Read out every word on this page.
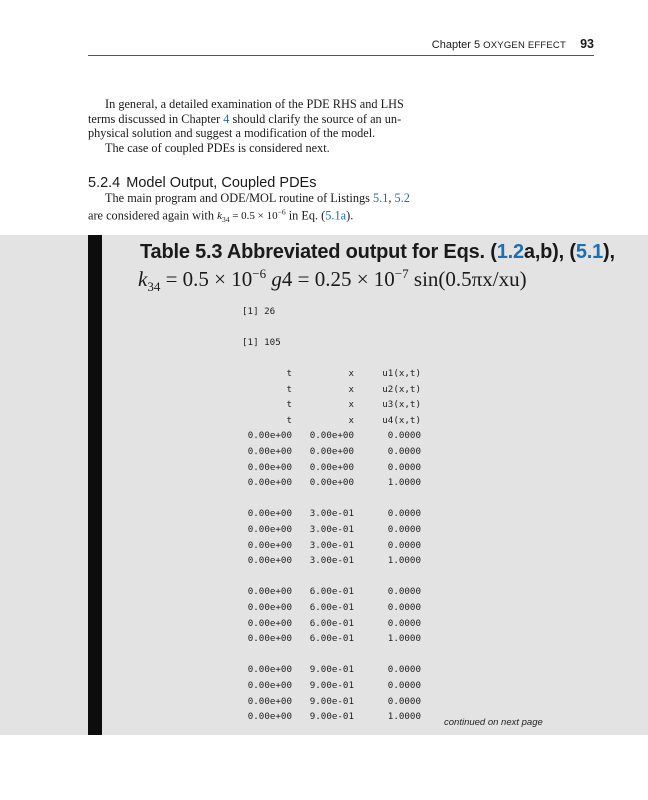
Chapter 5 OXYGEN EFFECT 93
In general, a detailed examination of the PDE RHS and LHS
terms discussed in Chapter 4 should clarify the source of an un-
physical solution and suggest a modification of the model.
The case of coupled PDEs is considered next.
5.2.4 Model Output, Coupled PDEs
The main program and ODE/MOL routine of Listings 5.1, 5.2
are considered again with $k_{34} = 0.5 \times 10^{-6}$ in Eq. (5.1a).
Table 5.3 Abbreviated output for Eqs. (1.2a,b), (5.1),
$k_{34} = 0.5 \times 10^{-6}$ $g4 = 0.25 \times 10^{-7}$ sin(0.5πx/xu)
[1] 26
[1] 105
t	x	u1(x,t)
t	x	u2(x,t)
t	x	u3(x,t)
t	x	u4(x,t)
0.00e+00 0.00e+00	0.0000
0.00e+00 0.00e+00	0.0000
0.00e+00 0.00e+00	0.0000
0.00e+00 0.00e+00	1.0000
0.00e+00 3.00e-01	0.0000
0.00e+00 3.00e-01	0.0000
0.00e+00 3.00e-01	0.0000
0.00e+00 3.00e-01	1.0000
0.00e+00 6.00e-01	0.0000
0.00e+00 6.00e-01	0.0000
0.00e+00 6.00e-01	0.0000
0.00e+00 6.00e-01	1.0000
0.00e+00 9.00e-01	0.0000
0.00e+00 9.00e-01	0.0000
0.00e+00 9.00e-01	0.0000
0.00e+00 9.00e-01	1.0000
continued on next page
